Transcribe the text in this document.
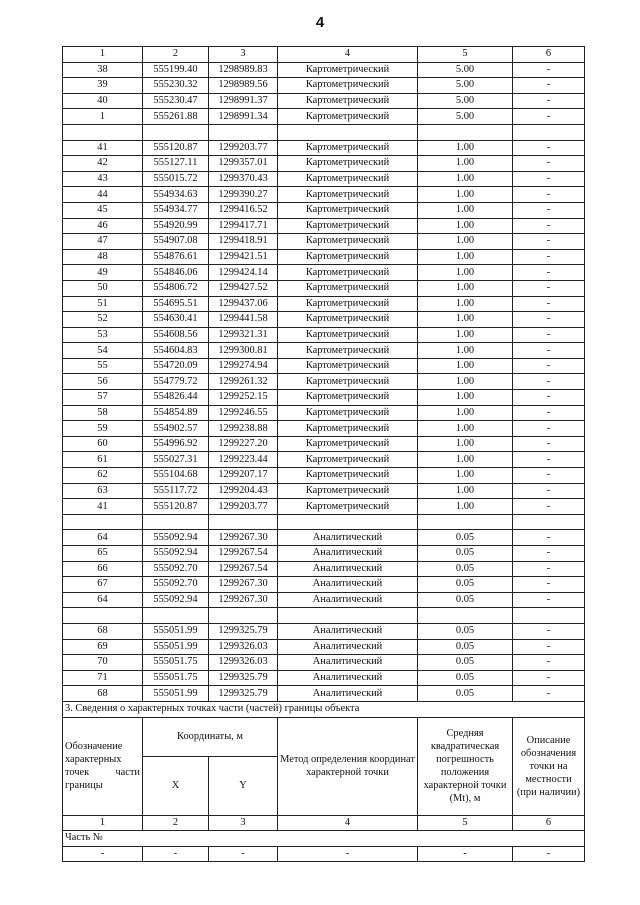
4
1	2	3	4	5	6
38	555199.40	1298989.83	Картометрический	5.00	-
39	555230.32	1298989.56	Картометрический	5.00	-
40	555230.47	1298991.37	Картометрический	5.00	-
1	555261.88	1298991.34	Картометрический	5.00	-

41	555120.87	1299203.77	Картометрический	1.00	-
42	555127.11	1299357.01	Картометрический	1.00	-
43	555015.72	1299370.43	Картометрический	1.00	-
44	554934.63	1299390.27	Картометрический	1.00	-
45	554934.77	1299416.52	Картометрический	1.00	-
46	554920.99	1299417.71	Картометрический	1.00	-
47	554907.08	1299418.91	Картометрический	1.00	-
48	554876.61	1299421.51	Картометрический	1.00	-
49	554846.06	1299424.14	Картометрический	1.00	-
50	554806.72	1299427.52	Картометрический	1.00	-
51	554695.51	1299437.06	Картометрический	1.00	-
52	554630.41	1299441.58	Картометрический	1.00	-
53	554608.56	1299321.31	Картометрический	1.00	-
54	554604.83	1299300.81	Картометрический	1.00	-
55	554720.09	1299274.94	Картометрический	1.00	-
56	554779.72	1299261.32	Картометрический	1.00	-
57	554826.44	1299252.15	Картометрический	1.00	-
58	554854.89	1299246.55	Картометрический	1.00	-
59	554902.57	1299238.88	Картометрический	1.00	-
60	554996.92	1299227.20	Картометрический	1.00	-
61	555027.31	1299223.44	Картометрический	1.00	-
62	555104.68	1299207.17	Картометрический	1.00	-
63	555117.72	1299204.43	Картометрический	1.00	-
41	555120.87	1299203.77	Картометрический	1.00	-

64	555092.94	1299267.30	Аналитический	0.05	-
65	555092.94	1299267.54	Аналитический	0.05	-
66	555092.70	1299267.54	Аналитический	0.05	-
67	555092.70	1299267.30	Аналитический	0.05	-
64	555092.94	1299267.30	Аналитический	0.05	-

68	555051.99	1299325.79	Аналитический	0.05	-
69	555051.99	1299326.03	Аналитический	0.05	-
70	555051.75	1299326.03	Аналитический	0.05	-
71	555051.75	1299325.79	Аналитический	0.05	-
68	555051.99	1299325.79	Аналитический	0.05	-
3. Сведения о характерных точках части (частей) границы объекта					
Обозначение характерных точек части границы	Координаты, м		Метод определения координат характерной точки	Средняя квадратическая погрешность положения характерной точки (Mt), м	Описание обозначения точки на местности (при наличии)
	X	Y			
1	2	3	4	5	6
Часть №					
-	-	-	-	-	-
